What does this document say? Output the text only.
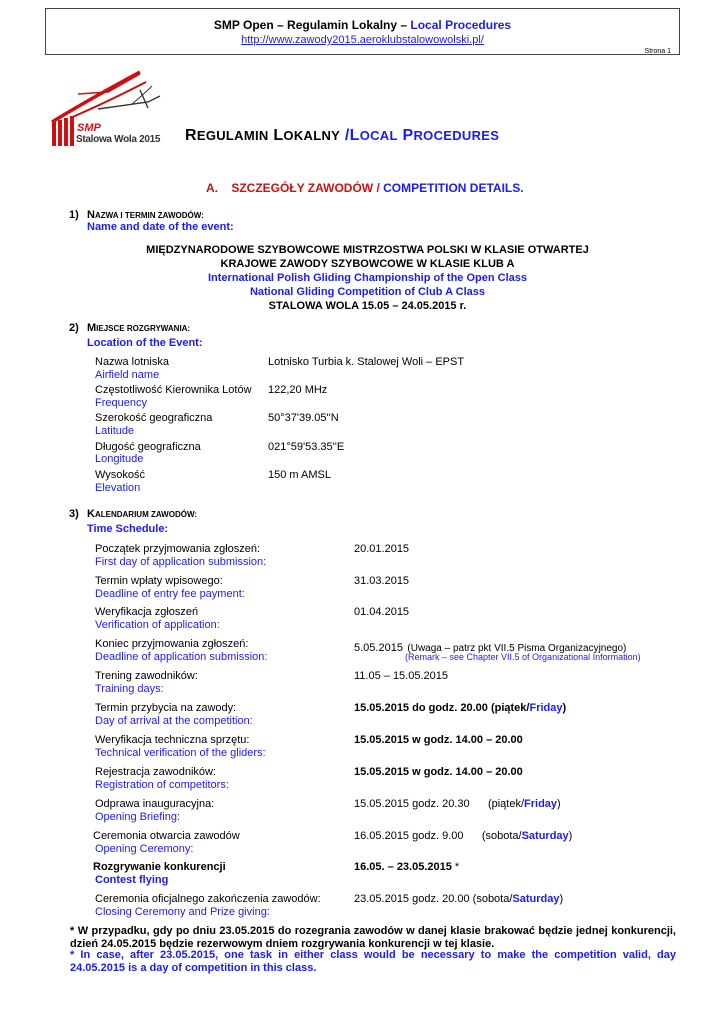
SMP Open – Regulamin Lokalny – Local Procedures
http://www.zawody2015.aeroklubstalowowolski.pl/
Strona 1
SMP
Stalowa Wola 2015 REGULAMIN LOKALNY /LOCAL PROCEDURES
A. SZCZEGÓŁY ZAWODÓW / COMPETITION DETAILS.
1) NAZWA I TERMIN ZAWODÓW:
Name and date of the event:
MIĘDZYNARODOWE SZYBOWCOWE MISTRZOSTWA POLSKI W KLASIE OTWARTEJ
KRAJOWE ZAWODY SZYBOWCOWE W KLASIE KLUB A
International Polish Gliding Championship of the Open Class
National Gliding Competition of Club A Class
STALOWA WOLA 15.05 – 24.05.2015 r.
2) MIEJSCE ROZGRYWANIA:
Location of the Event:
Nazwa lotniska
Airfield name
Lotnisko Turbia k. Stalowej Woli – EPST
Częstotliwość Kierownika Lotów
Frequency
122,20 MHz
Szerokość geograficzna
Latitude
50°37'39.05''N
Długość geograficzna
Longitude
021°59'53.35''E
Wysokość
Elevation
150 m AMSL
3) KALENDARIUM ZAWODÓW:
Time Schedule:
Początek przyjmowania zgłoszeń:
First day of application submission:
20.01.2015
Termin wpłaty wpisowego:
Deadline of entry fee payment:
31.03.2015
Weryfikacja zgłoszeń
Verification of application:
01.04.2015
Koniec przyjmowania zgłoszeń:
Deadline of application submission:
5.05.2015 (Uwaga – patrz pkt VII.5 Pisma Organizacyjnego)
(Remark – see Chapter VII.5 of Organizational Information)
Trening zawodników:
Training days:
11.05 – 15.05.2015
Termin przybycia na zawody:
Day of arrival at the competition:
15.05.2015 do godz. 20.00 (piątek/Friday)
Weryfikacja techniczna sprzętu:
Technical verification of the gliders:
15.05.2015 w godz. 14.00 – 20.00
Rejestracja zawodników:
Registration of competitors:
15.05.2015 w godz. 14.00 – 20.00
Odprawa inauguracyjna:
Opening Briefing:
15.05.2015 godz. 20.30      (piątek/Friday)
Ceremonia otwarcia zawodów
Opening Ceremony:
16.05.2015 godz. 9.00      (sobota/Saturday)
Rozgrywanie konkurencji
Contest flying
16.05. – 23.05.2015 *
Ceremonia oficjalnego zakończenia zawodów:
Closing Ceremony and Prize giving:
23.05.2015 godz. 20.00 (sobota/Saturday)
* W przypadku, gdy po dniu 23.05.2015 do rozegrania zawodów w danej klasie brakować będzie jednej konkurencji, dzień 24.05.2015 będzie rezerwowym dniem rozgrywania konkurencji w tej klasie.
* In case, after 23.05.2015, one task in either class would be necessary to make the competition valid, day 24.05.2015 is a day of competition in this class.
